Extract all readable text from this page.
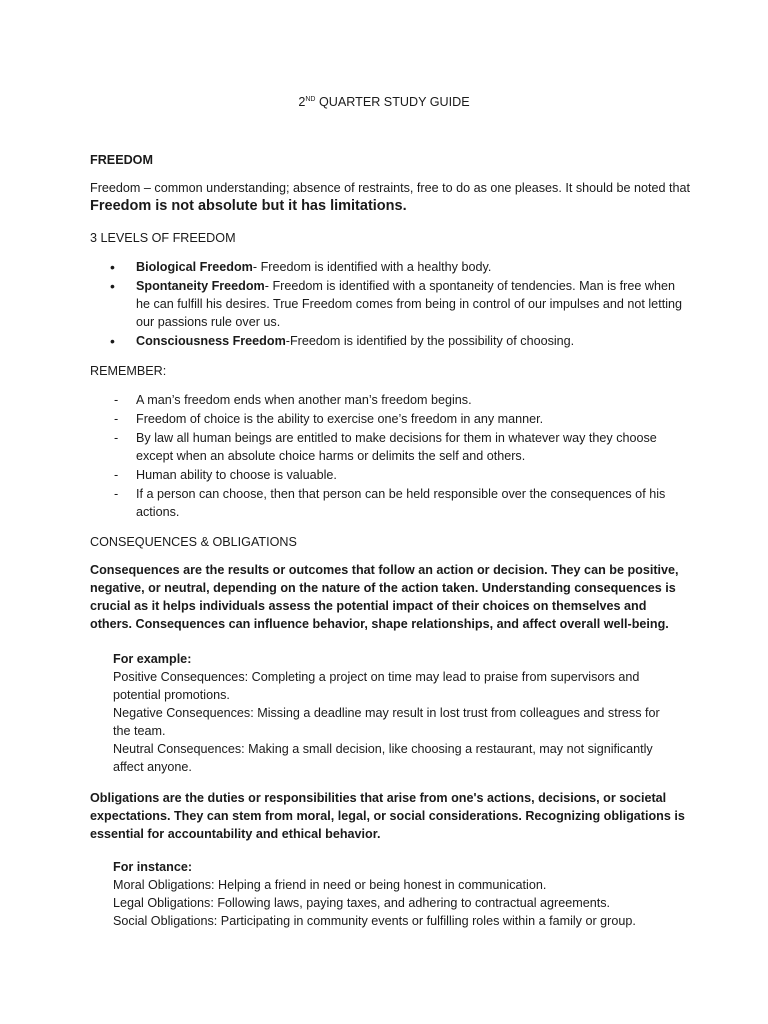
2ND QUARTER STUDY GUIDE
FREEDOM
Freedom – common understanding; absence of restraints, free to do as one pleases. It should be noted that Freedom is not absolute but it has limitations.
3 LEVELS OF FREEDOM
• Biological Freedom- Freedom is identified with a healthy body.
• Spontaneity Freedom- Freedom is identified with a spontaneity of tendencies. Man is free when he can fulfill his desires. True Freedom comes from being in control of our impulses and not letting our passions rule over us.
• Consciousness Freedom-Freedom is identified by the possibility of choosing.
REMEMBER:
- A man’s freedom ends when another man’s freedom begins.
- Freedom of choice is the ability to exercise one’s freedom in any manner.
- By law all human beings are entitled to make decisions for them in whatever way they choose except when an absolute choice harms or delimits the self and others.
- Human ability to choose is valuable.
- If a person can choose, then that person can be held responsible over the consequences of his actions.
CONSEQUENCES & OBLIGATIONS
Consequences are the results or outcomes that follow an action or decision. They can be positive, negative, or neutral, depending on the nature of the action taken. Understanding consequences is crucial as it helps individuals assess the potential impact of their choices on themselves and others. Consequences can influence behavior, shape relationships, and affect overall well-being.

For example:

Positive Consequences: Completing a project on time may lead to praise from supervisors and potential promotions.

Negative Consequences: Missing a deadline may result in lost trust from colleagues and stress for the team.

Neutral Consequences: Making a small decision, like choosing a restaurant, may not significantly affect anyone.

Obligations are the duties or responsibilities that arise from one's actions, decisions, or societal expectations. They can stem from moral, legal, or social considerations. Recognizing obligations is essential for accountability and ethical behavior.

For instance:

Moral Obligations: Helping a friend in need or being honest in communication.

Legal Obligations: Following laws, paying taxes, and adhering to contractual agreements.

Social Obligations: Participating in community events or fulfilling roles within a family or group.
